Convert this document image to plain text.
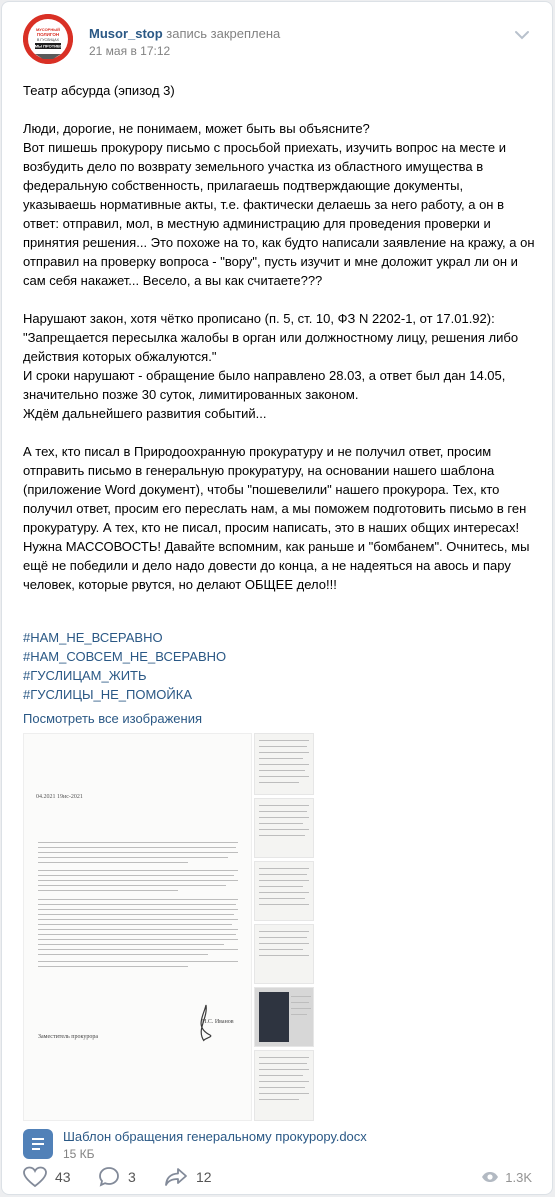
МУСОРНЫЙ
ПОЛИГОН
В ГУСЛИЦАХ
МЫ ПРОТИВ!
Musor_stop запись закреплена
21 мая в 17:12
Театр абсурда (эпизод 3)

Люди, дорогие, не понимаем, может быть вы объясните?
Вот пишешь прокурору письмо с просьбой приехать, изучить вопрос на месте и возбудить дело по возврату земельного участка из областного имущества в федеральную собственность, прилагаешь подтверждающие документы, указываешь нормативные акты, т.е. фактически делаешь за него работу, а он в ответ: отправил, мол, в местную администрацию для проведения проверки и принятия решения... Это похоже на то, как будто написали заявление на кражу, а он отправил на проверку вопроса - "вору", пусть изучит и мне доложит украл ли он и сам себя накажет... Весело, а вы как считаете???

Нарушают закон, хотя чётко прописано (п. 5, ст. 10, ФЗ N 2202-1, от 17.01.92):
"Запрещается пересылка жалобы в орган или должностному лицу, решения либо действия которых обжалуются."
И сроки нарушают - обращение было направлено 28.03, а ответ был дан 14.05, значительно позже 30 суток, лимитированных законом.
Ждём дальнейшего развития событий...

А тех, кто писал в Природоохранную прокуратуру и не получил ответ, просим отправить письмо в генеральную прокуратуру, на основании нашего шаблона (приложение Word документ), чтобы "пошевелили" нашего прокурора. Тех, кто получил ответ, просим его переслать нам, а мы поможем подготовить письмо в ген прокуратуру. А тех, кто не писал, просим написать, это в наших общих интересах!
Нужна МАССОВОСТЬ! Давайте вспомним, как раньше и "бомбанем". Очнитесь, мы ещё не победили и дело надо довести до конца, а не надеяться на авось и пару человек, которые рвутся, но делают ОБЩЕЕ дело!!!
#НАМ_НЕ_ВСЕРАВНО
#НАМ_СОВСЕМ_НЕ_ВСЕРАВНО
#ГУСЛИЦАМ_ЖИТЬ
#ГУСЛИЦЫ_НЕ_ПОМОЙКА
Посмотреть все изображения
04.2021 19ис-2021
Заместитель прокурора
Н.С. Иванов
Шаблон обращения генеральному прокурору.docx
15 КБ
43	3	12	1.3K
